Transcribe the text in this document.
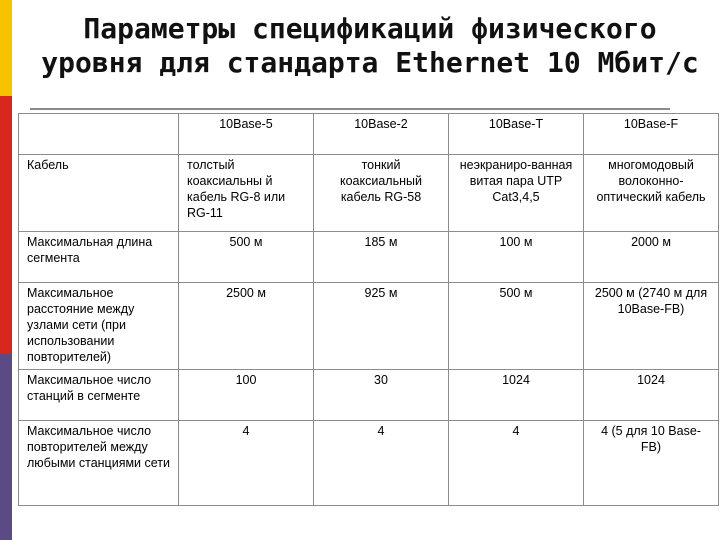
Параметры спецификаций физического уровня для стандарта Ethernet 10 Мбит/с
	10Base-5	10Base-2	10Base-T	10Base-F
Кабель	толстый коаксиальны й кабель RG-8 или RG-11	тонкий коаксиальный кабель RG-58	неэкраниро-ванная витая пара UTP Cat3,4,5	многомодовый волоконно-оптический кабель
Максимальная длина сегмента	500 м	185 м	100 м	2000 м
Максимальное расстояние между узлами сети (при использовании повторителей)	2500 м	925 м	500 м	2500 м (2740 м для 10Base-FB)
Максимальное число станций в сегменте	100	30	1024	1024
Максимальное число повторителей между любыми станциями сети	4	4	4	4 (5 для 10 Base-FB)
